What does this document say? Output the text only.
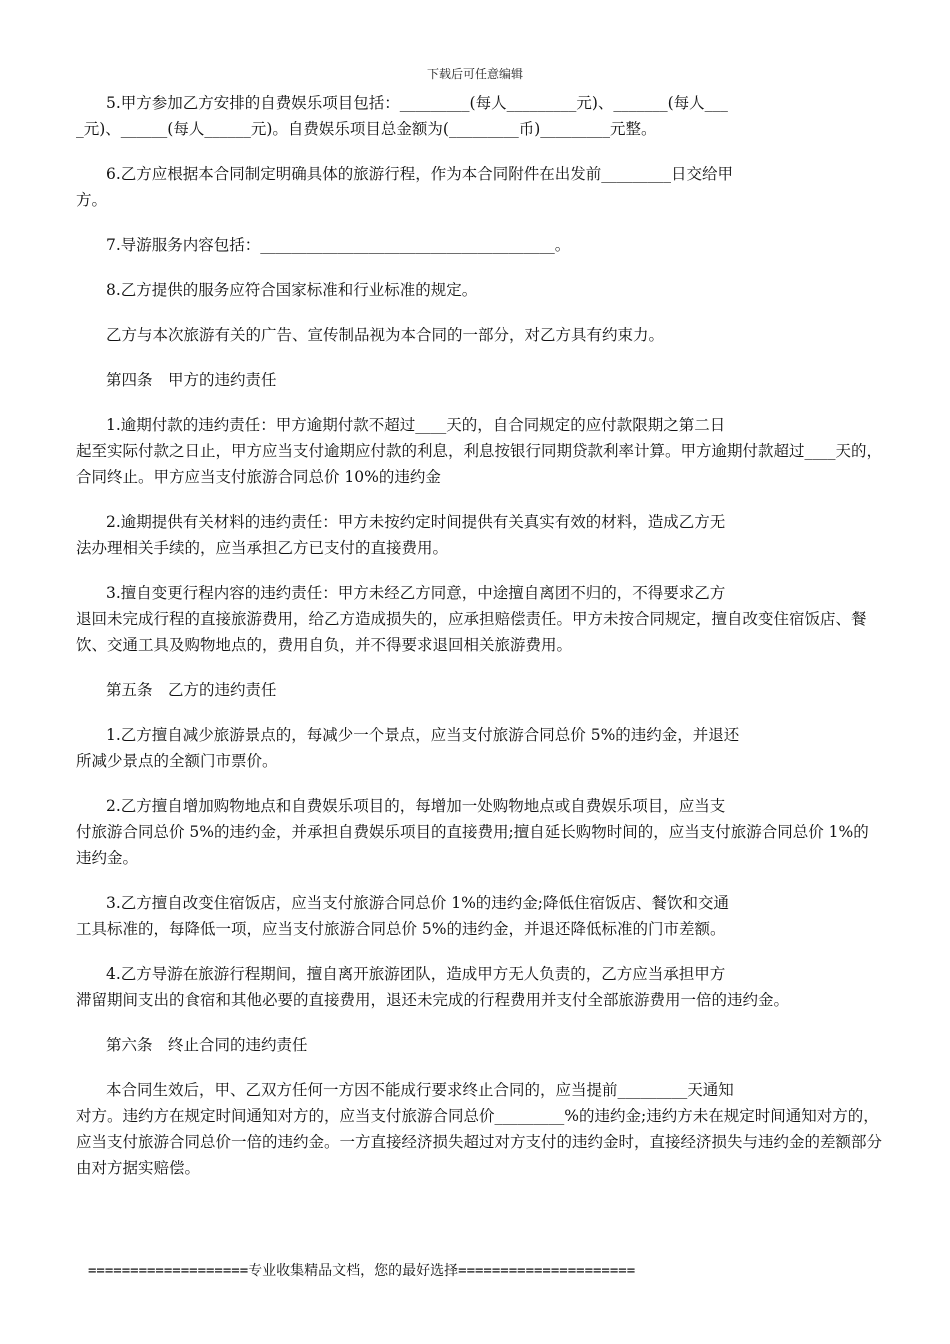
下载后可任意编辑

5.甲方参加乙方安排的自费娱乐项目包括：_________(每人_________元)、_______(每人___
_元)、______(每人______元)。自费娱乐项目总金额为(_________币)_________元整。

6.乙方应根据本合同制定明确具体的旅游行程，作为本合同附件在出发前_________日交给甲
方。

7.导游服务内容包括：______________________________________。

8.乙方提供的服务应符合国家标准和行业标准的规定。

乙方与本次旅游有关的广告、宣传制品视为本合同的一部分，对乙方具有约束力。

第四条　甲方的违约责任

1.逾期付款的违约责任：甲方逾期付款不超过____天的，自合同规定的应付款限期之第二日
起至实际付款之日止，甲方应当支付逾期应付款的利息，利息按银行同期贷款利率计算。甲方逾期付款超过____天的，合同终止。甲方应当支付旅游合同总价 10%的违约金

2.逾期提供有关材料的违约责任：甲方未按约定时间提供有关真实有效的材料，造成乙方无
法办理相关手续的，应当承担乙方已支付的直接费用。

3.擅自变更行程内容的违约责任：甲方未经乙方同意，中途擅自离团不归的，不得要求乙方
退回未完成行程的直接旅游费用，给乙方造成损失的，应承担赔偿责任。甲方未按合同规定，擅自改变住宿饭店、餐饮、交通工具及购物地点的，费用自负，并不得要求退回相关旅游费用。

第五条　乙方的违约责任

1.乙方擅自减少旅游景点的，每减少一个景点，应当支付旅游合同总价 5%的违约金，并退还
所减少景点的全额门市票价。

2.乙方擅自增加购物地点和自费娱乐项目的，每增加一处购物地点或自费娱乐项目，应当支
付旅游合同总价 5%的违约金，并承担自费娱乐项目的直接费用;擅自延长购物时间的，应当支付旅游合同总价 1%的违约金。

3.乙方擅自改变住宿饭店，应当支付旅游合同总价 1%的违约金;降低住宿饭店、餐饮和交通
工具标准的，每降低一项，应当支付旅游合同总价 5%的违约金，并退还降低标准的门市差额。

4.乙方导游在旅游行程期间，擅自离开旅游团队，造成甲方无人负责的，乙方应当承担甲方
滞留期间支出的食宿和其他必要的直接费用，退还未完成的行程费用并支付全部旅游费用一倍的违约金。

第六条　终止合同的违约责任

本合同生效后，甲、乙双方任何一方因不能成行要求终止合同的，应当提前_________天通知
对方。违约方在规定时间通知对方的，应当支付旅游合同总价_________%的违约金;违约方未在规定时间通知对方的，应当支付旅游合同总价一倍的违约金。一方直接经济损失超过对方支付的违约金时，直接经济损失与违约金的差额部分由对方据实赔偿。

===================专业收集精品文档，您的最好选择=====================
